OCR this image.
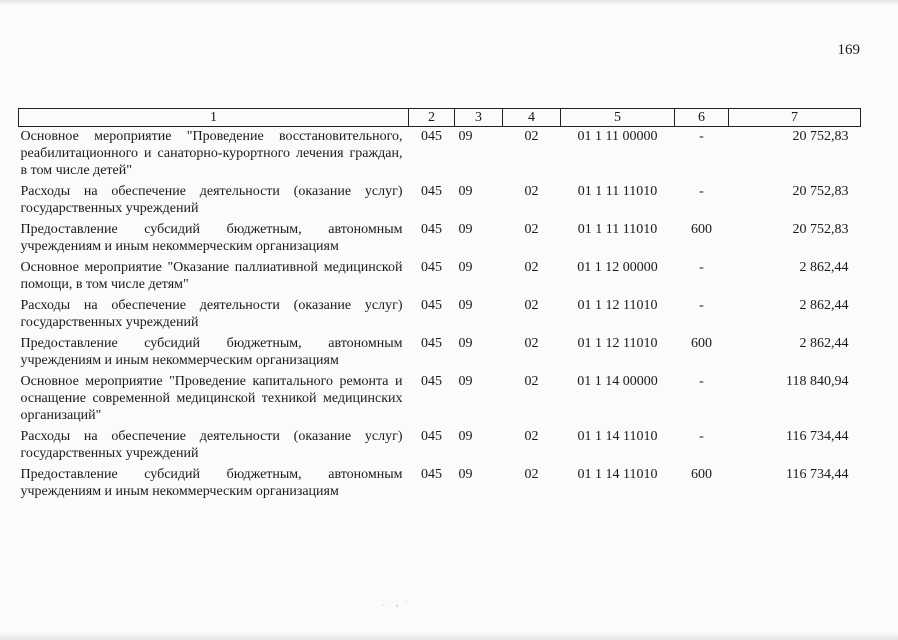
169
1	2	3	4	5	6	7
Основное мероприятие "Проведение восстановительного, реабилитационного и санаторно-курортного лечения граждан, в том числе детей"	045	09	02	01 1 11 00000	-	20 752,83
Расходы на обеспечение деятельности (оказание услуг) государственных учреждений	045	09	02	01 1 11 11010	-	20 752,83
Предоставление субсидий бюджетным, автономным учреждениям и иным некоммерческим организациям	045	09	02	01 1 11 11010	600	20 752,83
Основное мероприятие "Оказание паллиативной медицинской помощи, в том числе детям"	045	09	02	01 1 12 00000	-	2 862,44
Расходы на обеспечение деятельности (оказание услуг) государственных учреждений	045	09	02	01 1 12 11010	-	2 862,44
Предоставление субсидий бюджетным, автономным учреждениям и иным некоммерческим организациям	045	09	02	01 1 12 11010	600	2 862,44
Основное мероприятие "Проведение капитального ремонта и оснащение современной медицинской техникой медицинских организаций"	045	09	02	01 1 14 00000	-	118 840,94
Расходы на обеспечение деятельности (оказание услуг) государственных учреждений	045	09	02	01 1 14 11010	-	116 734,44
Предоставление субсидий бюджетным, автономным учреждениям и иным некоммерческим организациям	045	09	02	01 1 14 11010	600	116 734,44
∙ ˙‹ ˙
